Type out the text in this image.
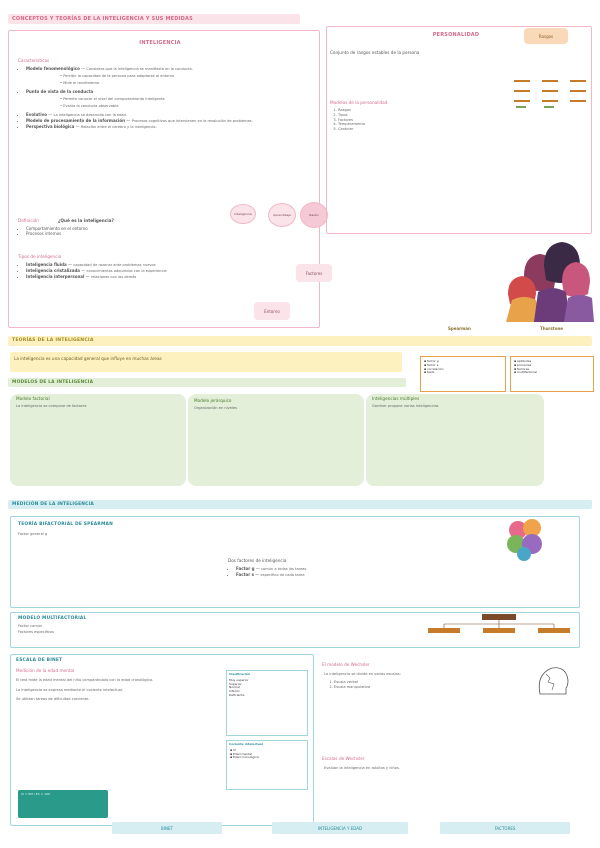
CONCEPTOS Y TEORÍAS DE LA INTELIGENCIA Y SUS MEDIDAS
INTELIGENCIA
Características
• Modelo fenomenológico — Considera que la inteligencia se manifiesta en la conducta.
• Percibir la capacidad de la persona para adaptarse al entorno
• Mide el rendimiento
• Punto de vista de la conducta
• Permite conocer el nivel del comportamiento inteligente
• Evalúa la conducta observable
• Evolutivo — La inteligencia se desarrolla con la edad.
• Modelo de procesamiento de la información — Procesos cognitivos que intervienen en la resolución de problemas.
• Perspectiva biológica — Relación entre el cerebro y la inteligencia.
Definición	¿Qué es la inteligencia?
• Comportamiento en el entorno
• Procesos internos
Tipos de inteligencia
• Inteligencia fluida — capacidad de razonar ante problemas nuevos
• Inteligencia cristalizada — conocimientos adquiridos con la experiencia
• Inteligencia interpersonal — relaciones con los demás
Inteligencia	Aprendizaje	Razón
Factores
Entorno
PERSONALIDAD	Rasgos
Conjunto de rasgos estables de la persona
Modelos de la personalidad
1. Rasgos
2. Tipos
3. Factores
4. Temperamento
5. Carácter
TEORÍAS DE LA INTELIGENCIA
La inteligencia es una capacidad general que influye en muchas áreas
Spearman	Thurstone
▪ factor g
▪ factor s
▪ correlación
▪ tests
▪ aptitudes
▪ primarias
▪ factores
▪ multifactorial
MODELOS DE LA INTELIGENCIA
Modelo factorial
La inteligencia se compone de factores
Modelo jerárquico
Organización en niveles
Inteligencias múltiples
Gardner propone varias inteligencias
MEDICIÓN DE LA INTELIGENCIA
TEORÍA BIFACTORIAL DE SPEARMAN
Factor general g
Dos factores de inteligencia
• Factor g — común a todas las tareas
• Factor s — específico de cada tarea
MODELO MULTIFACTORIAL
Factor común
Factores específicos
ESCALA DE BINET
Medición de la edad mental
El test mide la edad mental del niño comparándola con la edad cronológica.

La inteligencia se expresa mediante el cociente intelectual.

Se utilizan tareas de dificultad creciente.
Clasificación
Muy superior
Superior
Normal
Inferior
Deficiente
Cociente intelectual
▪ CI
▪ Edad mental
▪ Edad cronológica
CI = EM / EC × 100
El modelo de Wechsler
La inteligencia se divide en varias escalas:
1. Escala verbal
2. Escala manipulativa
Escalas de Wechsler
Evalúan la inteligencia en adultos y niños.
BINET	INTELIGENCIA Y EDAD	FACTORES
